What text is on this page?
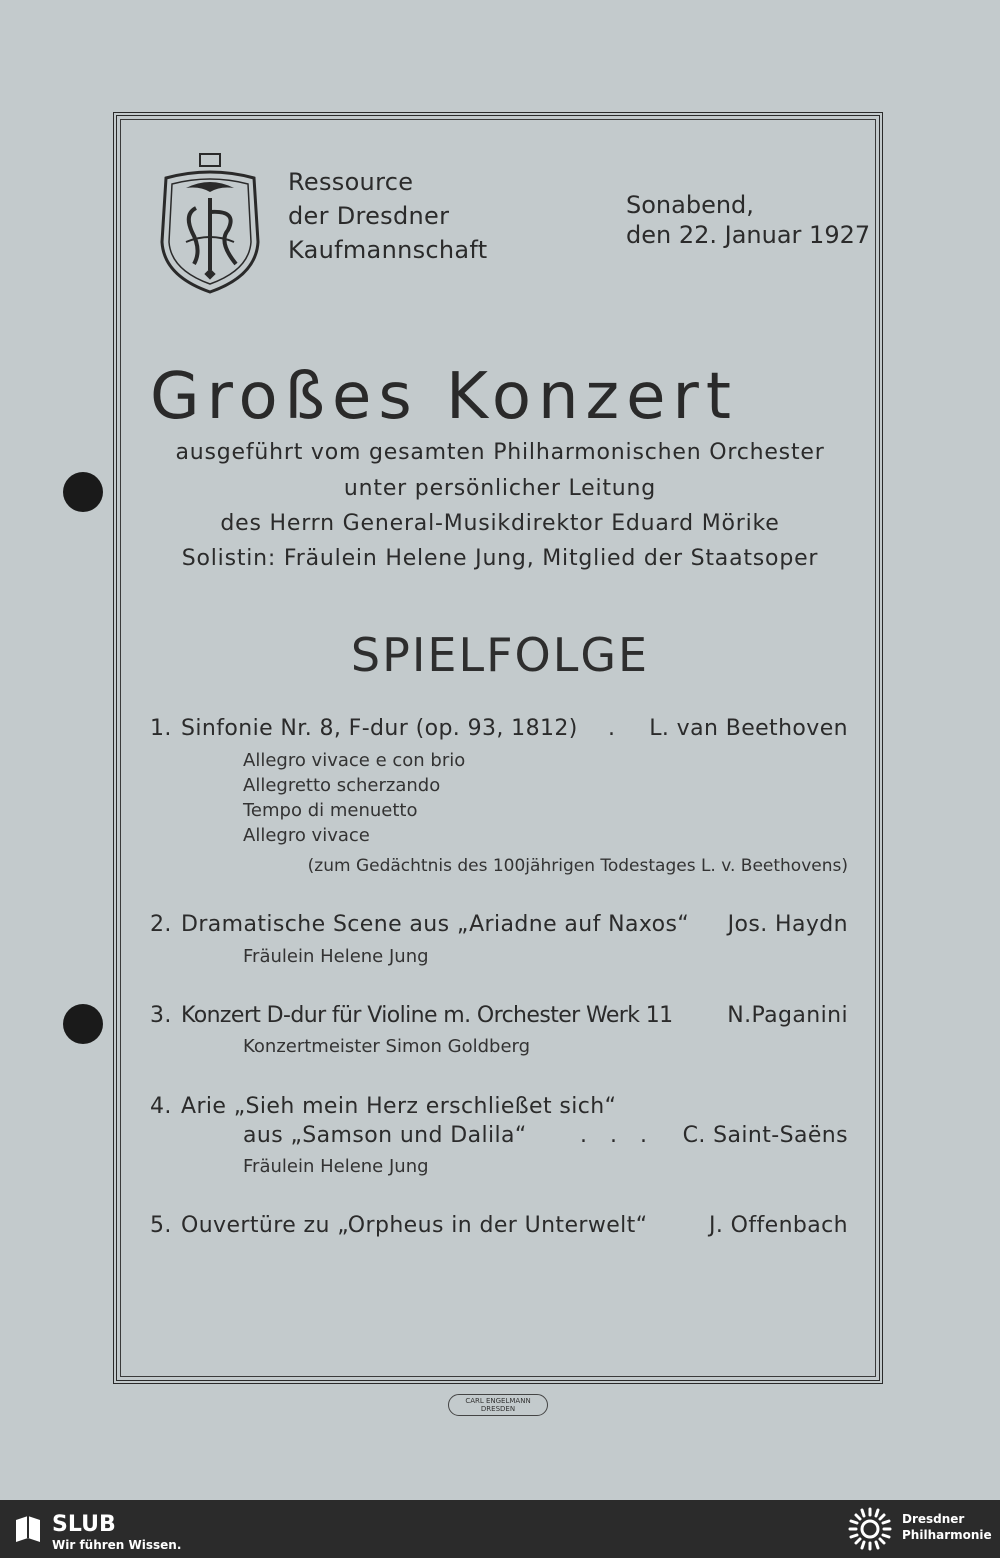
Ressource
der Dresdner
Kaufmannschaft
Sonabend,
den 22. Januar 1927
Großes Konzert
ausgeführt vom gesamten Philharmonischen Orchester
unter persönlicher Leitung
des Herrn General-Musikdirektor Eduard Mörike
Solistin: Fräulein Helene Jung, Mitglied der Staatsoper
SPIELFOLGE
1. Sinfonie Nr. 8, F-dur (op. 93, 1812) .	L. van Beethoven
Allegro vivace e con brio
Allegretto scherzando
Tempo di menuetto
Allegro vivace
(zum Gedächtnis des 100jährigen Todestages L. v. Beethovens)
2. Dramatische Scene aus „Ariadne auf Naxos“	Jos. Haydn
Fräulein Helene Jung
3. Konzert D-dur für Violine m. Orchester Werk 11	N.Paganini
Konzertmeister Simon Goldberg
4. Arie „Sieh mein Herz erschließet sich“
aus „Samson und Dalila“ . . .	C. Saint-Saëns
Fräulein Helene Jung
5. Ouvertüre zu „Orpheus in der Unterwelt“	J. Offenbach
CARL ENGELMANN
DRESDEN
SLUB
Wir führen Wissen.
Dresdner
Philharmonie
